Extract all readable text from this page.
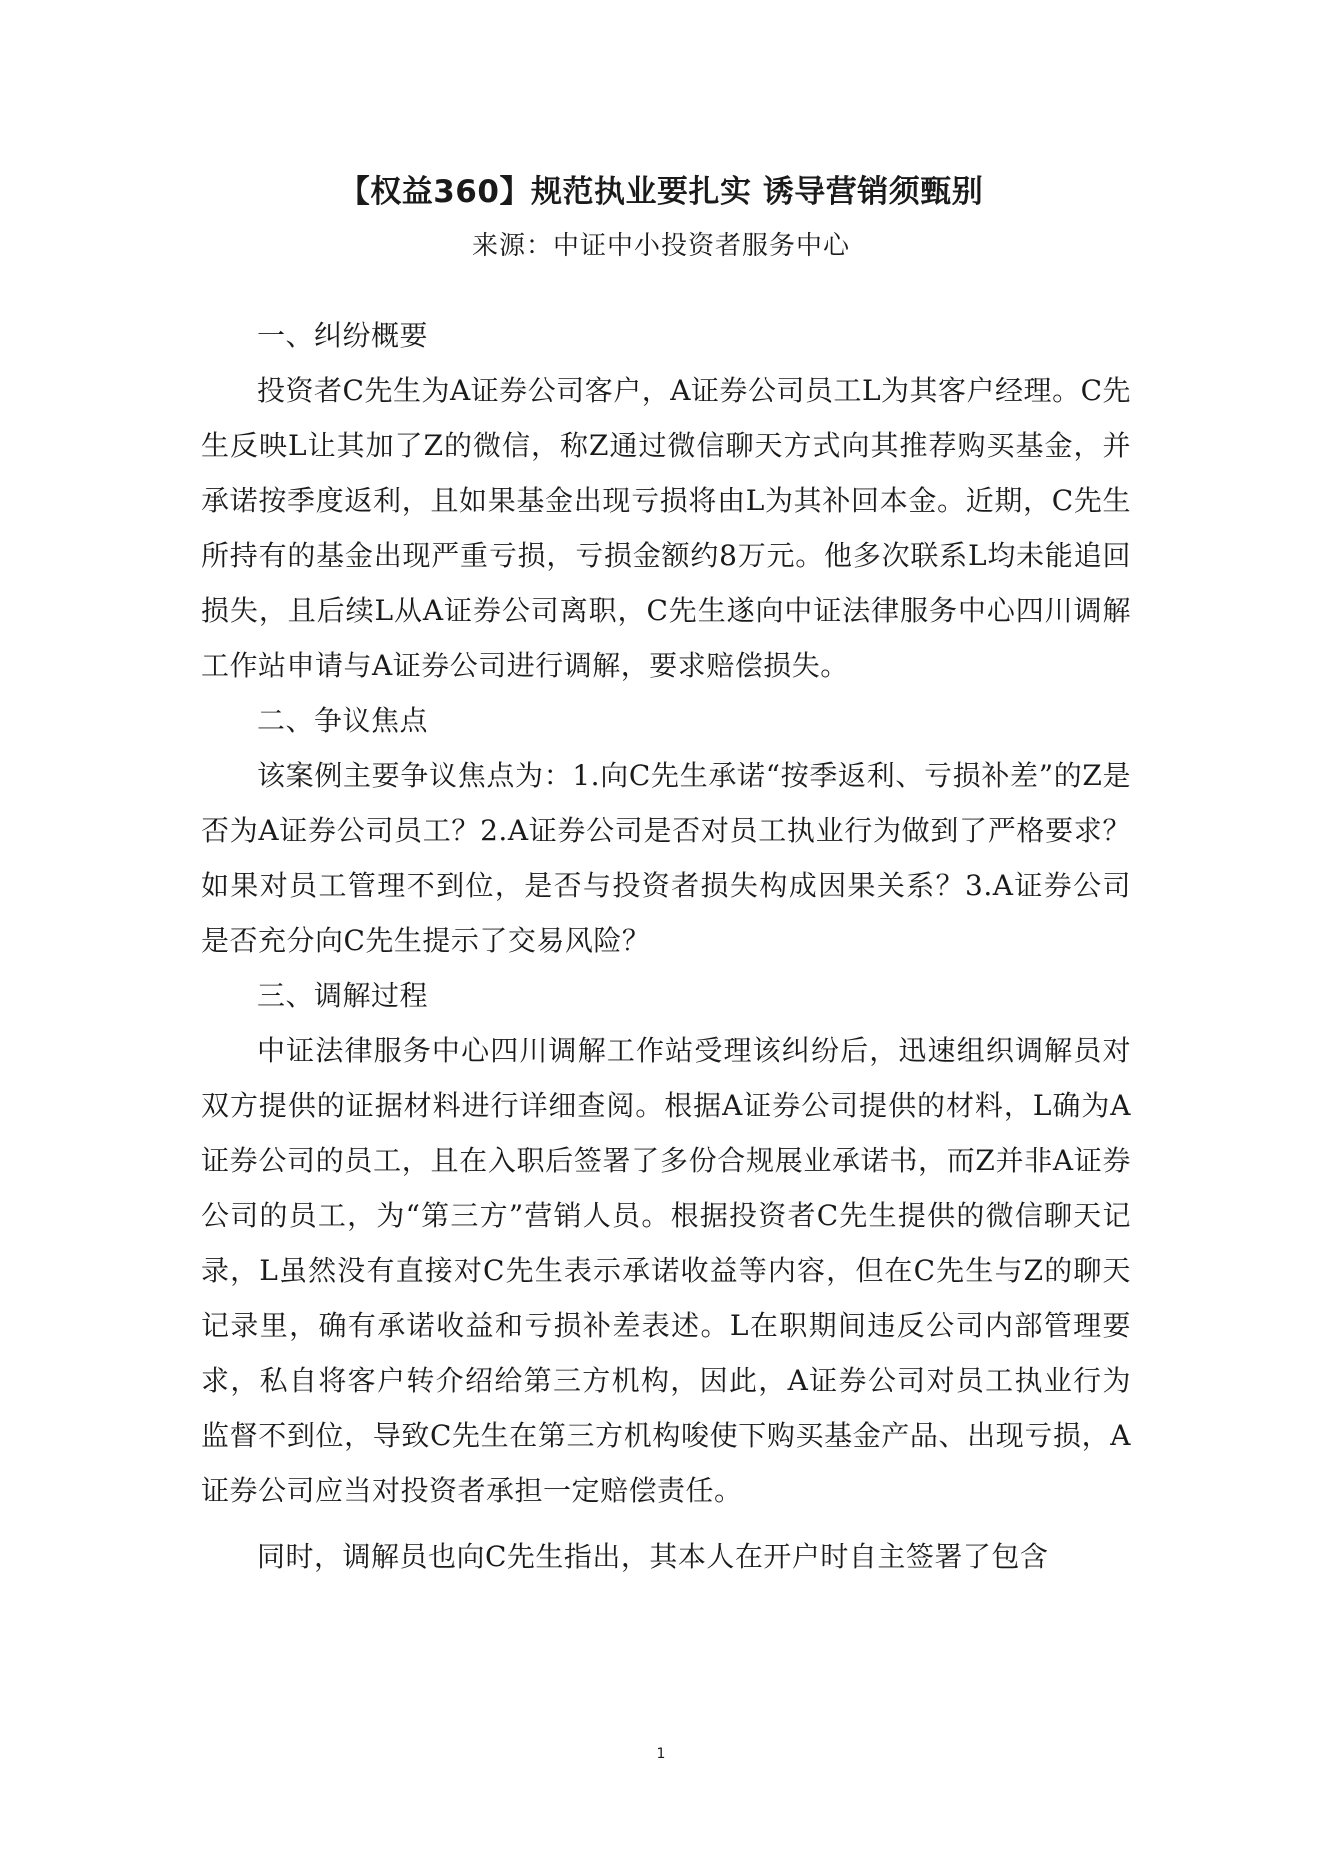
【权益360】规范执业要扎实 诱导营销须甄别
来源：中证中小投资者服务中心

一、纠纷概要

投资者C先生为A证券公司客户，A证券公司员工L为其客户经理。C先生反映L让其加了Z的微信，称Z通过微信聊天方式向其推荐购买基金，并承诺按季度返利，且如果基金出现亏损将由L为其补回本金。近期，C先生所持有的基金出现严重亏损，亏损金额约8万元。他多次联系L均未能追回损失，且后续L从A证券公司离职，C先生遂向中证法律服务中心四川调解工作站申请与A证券公司进行调解，要求赔偿损失。

二、争议焦点

该案例主要争议焦点为：1.向C先生承诺“按季返利、亏损补差”的Z是否为A证券公司员工？2.A证券公司是否对员工执业行为做到了严格要求？如果对员工管理不到位，是否与投资者损失构成因果关系？3.A证券公司是否充分向C先生提示了交易风险？

三、调解过程

中证法律服务中心四川调解工作站受理该纠纷后，迅速组织调解员对双方提供的证据材料进行详细查阅。根据A证券公司提供的材料，L确为A证券公司的员工，且在入职后签署了多份合规展业承诺书，而Z并非A证券公司的员工，为“第三方”营销人员。根据投资者C先生提供的微信聊天记录，L虽然没有直接对C先生表示承诺收益等内容，但在C先生与Z的聊天记录里，确有承诺收益和亏损补差表述。L在职期间违反公司内部管理要求，私自将客户转介绍给第三方机构，因此，A证券公司对员工执业行为监督不到位，导致C先生在第三方机构唆使下购买基金产品、出现亏损，A证券公司应当对投资者承担一定赔偿责任。

同时，调解员也向C先生指出，其本人在开户时自主签署了包含

1
